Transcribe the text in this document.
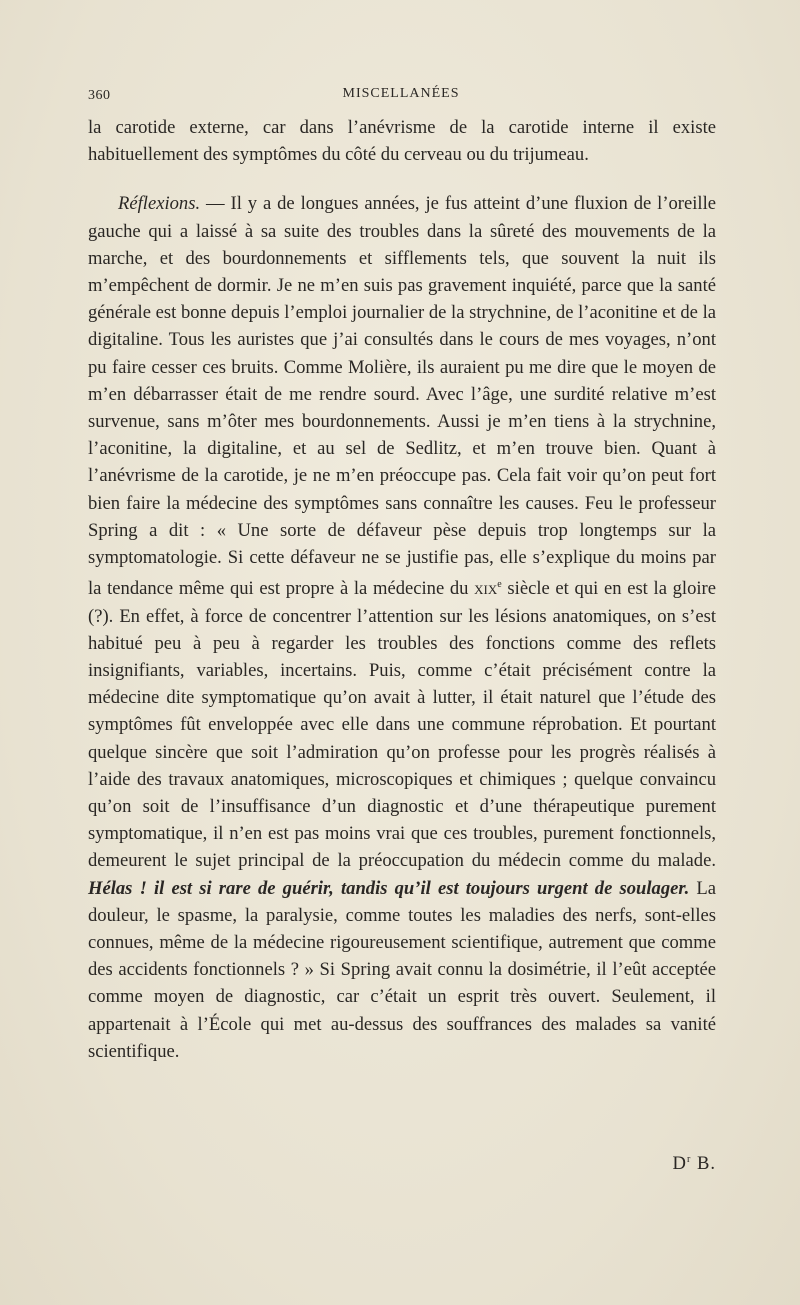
360	MISCELLANÉES

la carotide externe, car dans l’anévrisme de la carotide interne il existe habituellement des symptômes du côté du cerveau ou du trijumeau.

Réflexions. — Il y a de longues années, je fus atteint d’une fluxion de l’oreille gauche qui a laissé à sa suite des troubles dans la sûreté des mouvements de la marche, et des bourdonnements et sifflements tels, que souvent la nuit ils m’empêchent de dormir. Je ne m’en suis pas gravement inquiété, parce que la santé générale est bonne depuis l’emploi journalier de la strychnine, de l’aconitine et de la digitaline. Tous les auristes que j’ai consultés dans le cours de mes voyages, n’ont pu faire cesser ces bruits. Comme Molière, ils auraient pu me dire que le moyen de m’en débarrasser était de me rendre sourd. Avec l’âge, une surdité relative m’est survenue, sans m’ôter mes bourdonnements. Aussi je m’en tiens à la strychnine, l’aconitine, la digitaline, et au sel de Sedlitz, et m’en trouve bien. Quant à l’anévrisme de la carotide, je ne m’en préoccupe pas. Cela fait voir qu’on peut fort bien faire la médecine des symptômes sans connaître les causes. Feu le professeur Spring a dit : « Une sorte de défaveur pèse depuis trop longtemps sur la symptomatologie. Si cette défaveur ne se justifie pas, elle s’explique du moins par la tendance même qui est propre à la médecine du xix$^e$ siècle et qui en est la gloire (?). En effet, à force de concentrer l’attention sur les lésions anatomiques, on s’est habitué peu à peu à regarder les troubles des fonctions comme des reflets insignifiants, variables, incertains. Puis, comme c’était précisément contre la médecine dite symptomatique qu’on avait à lutter, il était naturel que l’étude des symptômes fût enveloppée avec elle dans une commune réprobation. Et pourtant quelque sincère que soit l’admiration qu’on professe pour les progrès réalisés à l’aide des travaux anatomiques, microscopiques et chimiques ; quelque convaincu qu’on soit de l’insuffisance d’un diagnostic et d’une thérapeutique purement symptomatique, il n’en est pas moins vrai que ces troubles, purement fonctionnels, demeurent le sujet principal de la préoccupation du médecin comme du malade. Hélas ! il est si rare de guérir, tandis qu’il est toujours urgent de soulager. La douleur, le spasme, la paralysie, comme toutes les maladies des nerfs, sont-elles connues, même de la médecine rigoureusement scientifique, autrement que comme des accidents fonctionnels ? » Si Spring avait connu la dosimétrie, il l’eût acceptée comme moyen de diagnostic, car c’était un esprit très ouvert. Seulement, il appartenait à l’École qui met au-dessus des souffrances des malades sa vanité scientifique.

$D^r$ B.
